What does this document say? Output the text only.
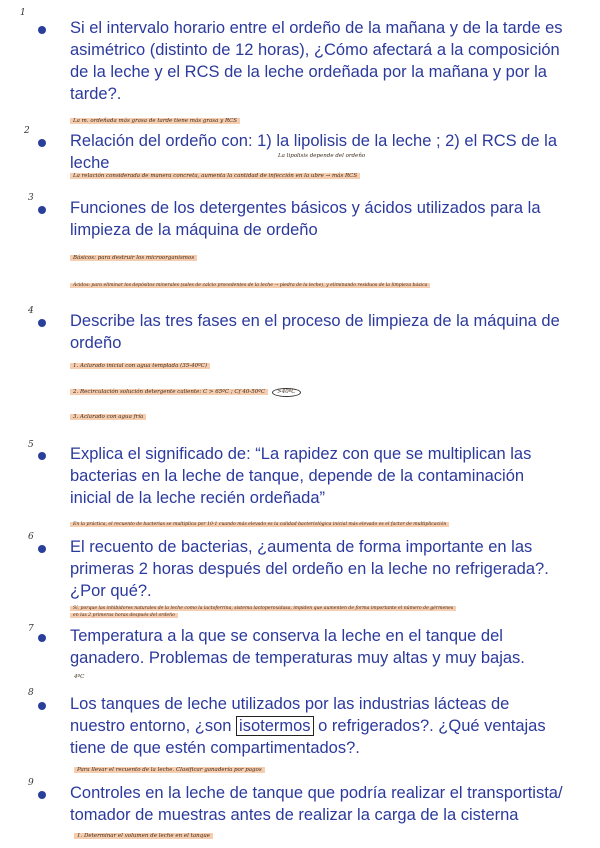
1

Si el intervalo horario entre el ordeño de la mañana y de la tarde es asimétrico (distinto de 12 horas), ¿Cómo afectará a la composición de la leche y el RCS de la leche ordeñada por la mañana y por la tarde?.

La m. ordeñada más grasa de tarde tiene más grasa y RCS
2

Relación del ordeño con: 1) la lipolisis de la leche ; 2) el RCS de la leche	La lipolisis depende del ordeño
La relación considerada de manera concreta, aumenta la cantidad de infección en la ubre → más RCS
3

Funciones de los detergentes básicos y ácidos utilizados para la limpieza de la máquina de ordeño

Básicos: para destruir los microorganismos
Ácidos: para eliminar los depósitos minerales (sales de calcio procedentes de la leche → piedra de la leche), y eliminando residuos de la limpieza básica
4

Describe las tres fases en el proceso de limpieza de la máquina de ordeño

1. Aclarado inicial con agua templada (35-40ºC)
2. Recirculación solución detergente caliente: C > 65ºC ; Cf 40-50ºC >40ºC
3. Aclarado con agua fría
5 Explica el significado de: “La rapidez con que se multiplican las bacterias en la leche de tanque, depende de la contaminación inicial de la leche recién ordeñada”

En la práctica, el recuento de bacterias se multiplica por 10-1 cuando más elevado es la calidad bacteriológica inicial más elevado es el factor de multiplicación
6

El recuento de bacterias, ¿aumenta de forma importante en las primeras 2 horas después del ordeño en la leche no refrigerada?. ¿Por qué?.

Sí, porque las inhibidores naturales de la leche como la lactoferrina, sistema lactoperoxidasa, impiden que aumenten de forma importante el número de gérmenes
en las 2 primeras horas después del ordeño
7 Temperatura a la que se conserva la leche en el tanque del ganadero. Problemas de temperaturas muy altas y muy bajas.

4ºC
8

Los tanques de leche utilizados por las industrias lácteas de nuestro entorno, ¿son isotermos o refrigerados?. ¿Qué ventajas tiene de que estén compartimentados?.

Para llevar el recuento de la leche. Clasificar ganadería por pagos
9

Controles en la leche de tanque que podría realizar el transportista/ tomador de muestras antes de realizar la carga de la cisterna

1. Determinar el volumen de leche en el tanque
